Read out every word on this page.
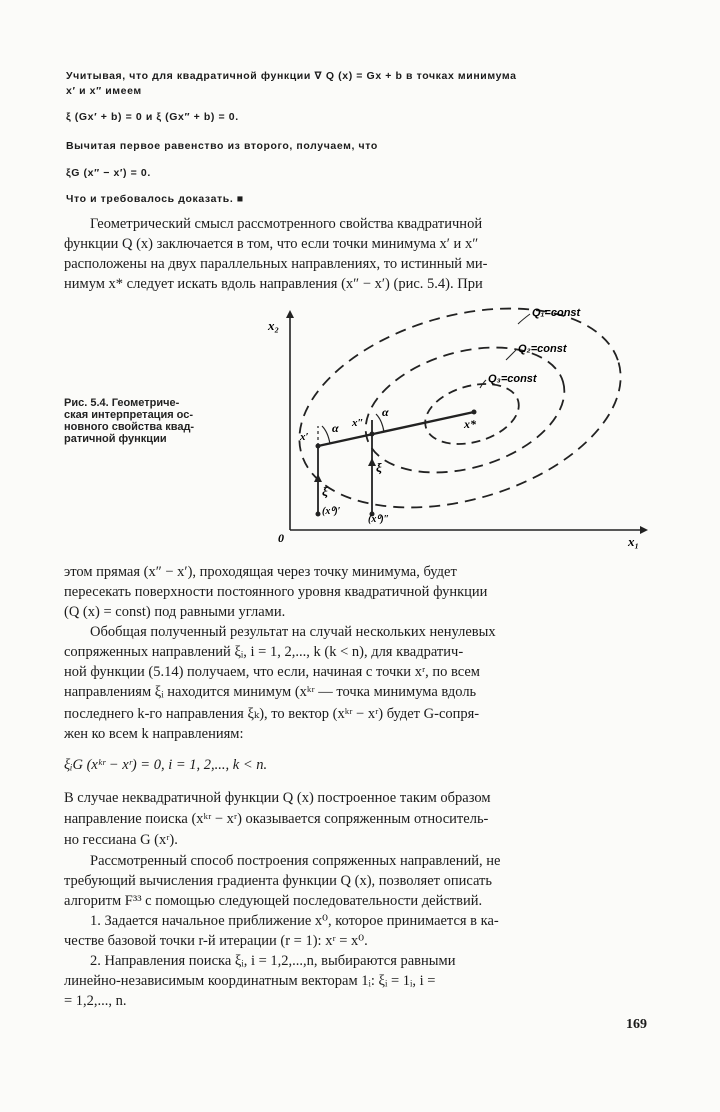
Учитывая, что для квадратичной функции ∇ Q (x) = Gx + b в точках минимума
x′ и x″ имеем
ξ (Gx′ + b) = 0 и ξ (Gx″ + b) = 0.
Вычитая первое равенство из второго, получаем, что
ξG (x″ − x′) = 0.
Что и требовалось доказать. ■
Геометрический смысл рассмотренного свойства квадратичной
функции Q (x) заключается в том, что если точки минимума x′ и x″
расположены на двух параллельных направлениях, то истинный ми-
нимум x* следует искать вдоль направления (x″ − x′) (рис. 5.4). При
Рис. 5.4. Геометриче-
ская интерпретация ос-
новного свойства квад-
ратичной функции
Q₁=const
Q₂=const
Q₃=const
x₂
x₁
0
x*
x′
x″
ξ
ξ
(x⁰)′
(x⁰)″
α
α
этом прямая (x″ − x′), проходящая через точку минимума, будет
пересекать поверхности постоянного уровня квадратичной функции
(Q (x) = const) под равными углами.
Обобщая полученный результат на случай нескольких ненулевых
сопряженных направлений ξᵢ, i = 1, 2,..., k (k < n), для квадратич-
ной функции (5.14) получаем, что если, начиная с точки xʳ, по всем
направлениям ξᵢ находится минимум (xᵏʳ — точка минимума вдоль
последнего k-го направления ξₖ), то вектор (xᵏʳ − xʳ) будет G-сопря-
жен ко всем k направлениям:
ξᵢG (xᵏʳ − xʳ) = 0, i = 1, 2,..., k < n.
В случае неквадратичной функции Q (x) построенное таким образом
направление поиска (xᵏʳ − xʳ) оказывается сопряженным относитель-
но гессиана G (xʳ).
Рассмотренный способ построения сопряженных направлений, не
требующий вычисления градиента функции Q (x), позволяет описать
алгоритм F³³ с помощью следующей последовательности действий.
1. Задается начальное приближение x⁰, которое принимается в ка-
честве базовой точки r-й итерации (r = 1): xʳ = x⁰.
2. Направления поиска ξᵢ, i = 1,2,...,n, выбираются равными
линейно-независимым координатным векторам 1ᵢ: ξᵢ = 1ᵢ, i =
= 1,2,..., n.
169
